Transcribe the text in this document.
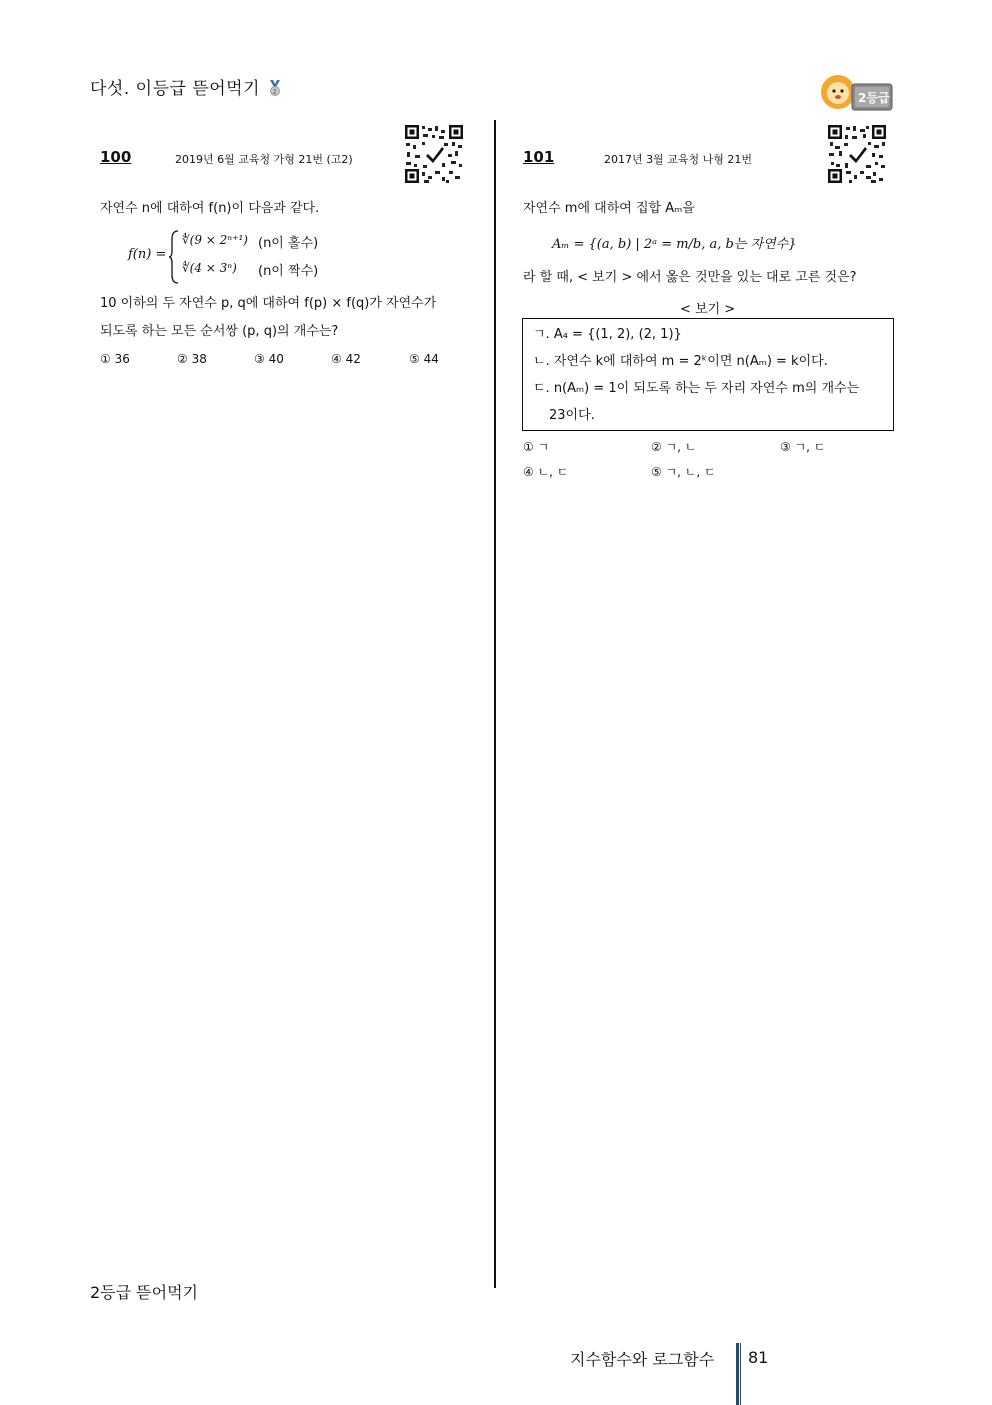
다섯. 이등급 뜯어먹기 2	2등급
100	2019년 6월 교육청 가형 21번 (고2)
자연수 n에 대하여 f(n)이 다음과 같다.
f(n) =
∜(9 × 2ⁿ⁺¹) (n이 홀수)
∜(4 × 3ⁿ) (n이 짝수)
10 이하의 두 자연수 p, q에 대하여 f(p) × f(q)가 자연수가
되도록 하는 모든 순서쌍 (p, q)의 개수는?
① 36	② 38	③ 40	④ 42	⑤ 44
101	2017년 3월 교육청 나형 21번
자연수 m에 대하여 집합 Aₘ을
Aₘ = {(a, b) | 2ᵃ = m/b, a, b는 자연수}
라 할 때, < 보기 > 에서 옳은 것만을 있는 대로 고른 것은?
< 보기 >
ㄱ. A₄ = {(1, 2), (2, 1)}
ㄴ. 자연수 k에 대하여 m = 2ᵏ이면 n(Aₘ) = k이다.
ㄷ. n(Aₘ) = 1이 되도록 하는 두 자리 자연수 m의 개수는
23이다.
① ㄱ	② ㄱ, ㄴ	③ ㄱ, ㄷ
④ ㄴ, ㄷ	⑤ ㄱ, ㄴ, ㄷ
2등급 뜯어먹기
지수함수와 로그함수 81
